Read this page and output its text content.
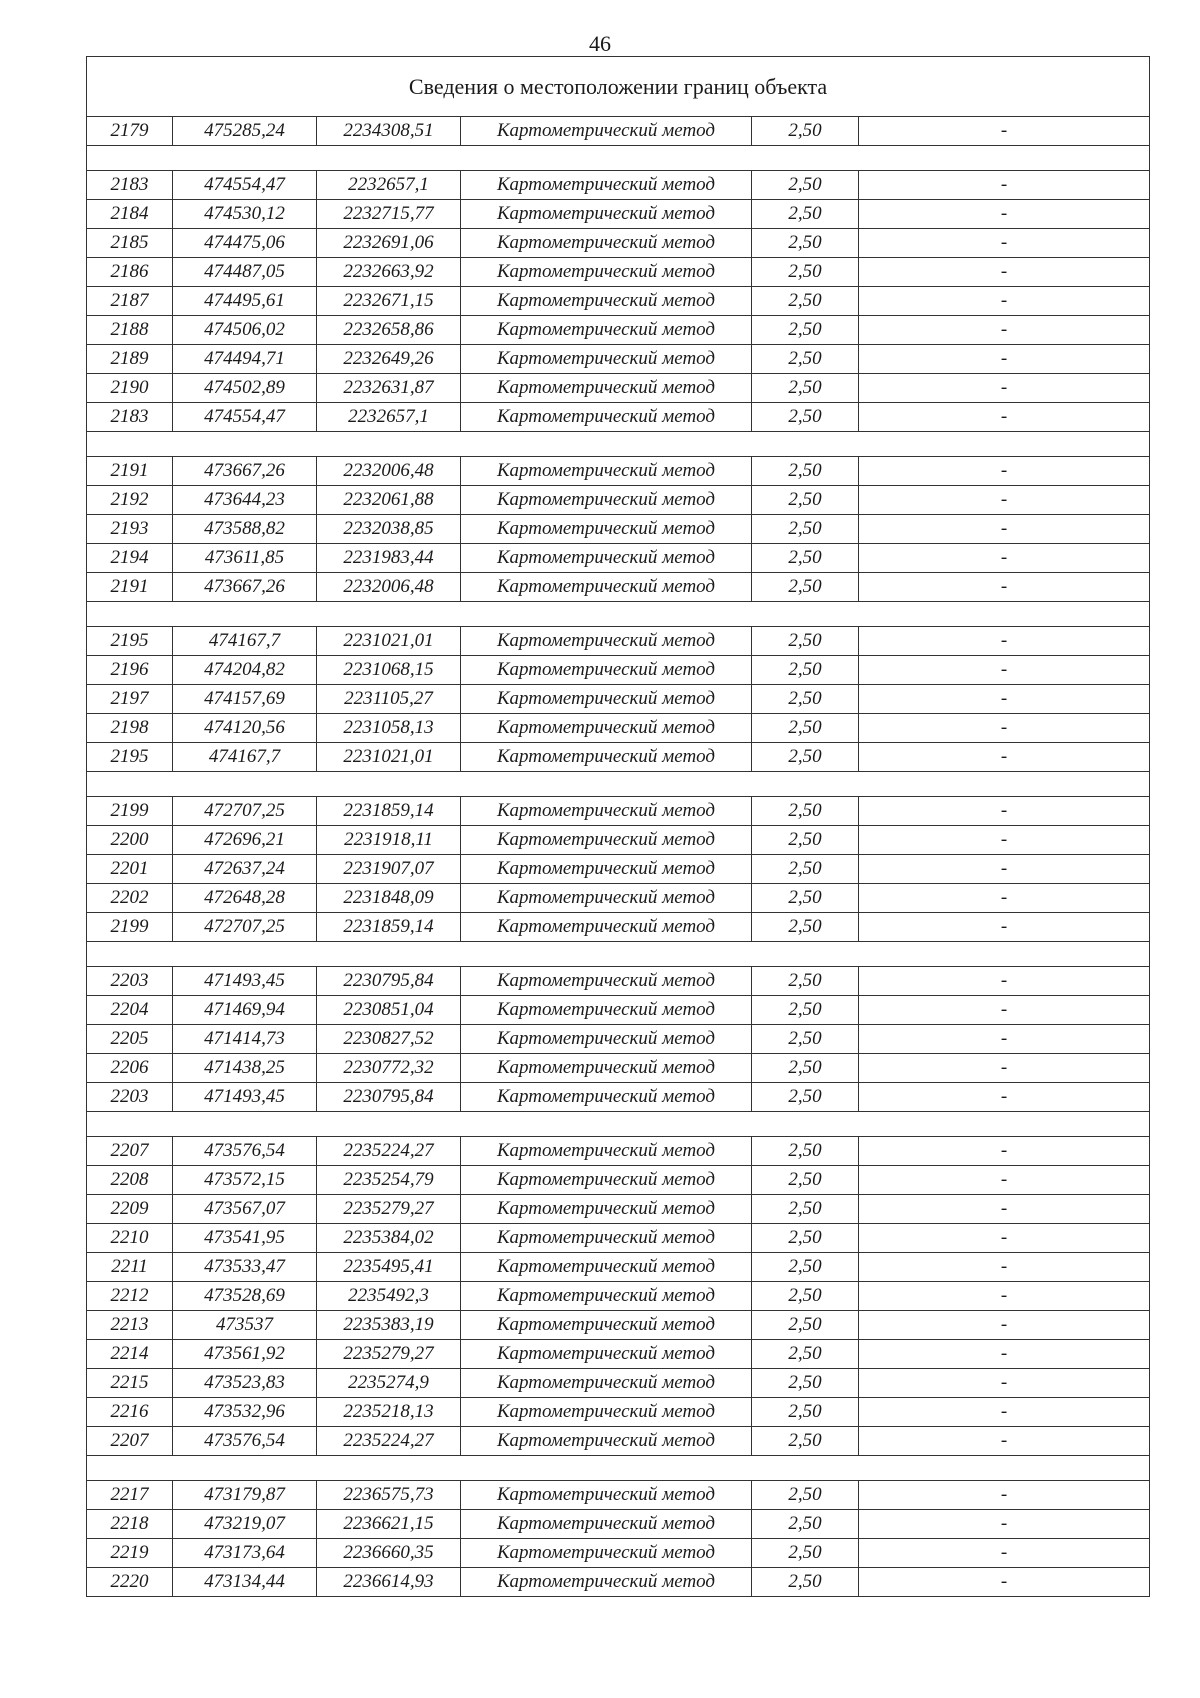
46
Сведения о местоположении границ объекта					
2179	475285,24	2234308,51	Картометрический метод	2,50	-

2183	474554,47	2232657,1	Картометрический метод	2,50	-
2184	474530,12	2232715,77	Картометрический метод	2,50	-
2185	474475,06	2232691,06	Картометрический метод	2,50	-
2186	474487,05	2232663,92	Картометрический метод	2,50	-
2187	474495,61	2232671,15	Картометрический метод	2,50	-
2188	474506,02	2232658,86	Картометрический метод	2,50	-
2189	474494,71	2232649,26	Картометрический метод	2,50	-
2190	474502,89	2232631,87	Картометрический метод	2,50	-
2183	474554,47	2232657,1	Картометрический метод	2,50	-

2191	473667,26	2232006,48	Картометрический метод	2,50	-
2192	473644,23	2232061,88	Картометрический метод	2,50	-
2193	473588,82	2232038,85	Картометрический метод	2,50	-
2194	473611,85	2231983,44	Картометрический метод	2,50	-
2191	473667,26	2232006,48	Картометрический метод	2,50	-

2195	474167,7	2231021,01	Картометрический метод	2,50	-
2196	474204,82	2231068,15	Картометрический метод	2,50	-
2197	474157,69	2231105,27	Картометрический метод	2,50	-
2198	474120,56	2231058,13	Картометрический метод	2,50	-
2195	474167,7	2231021,01	Картометрический метод	2,50	-

2199	472707,25	2231859,14	Картометрический метод	2,50	-
2200	472696,21	2231918,11	Картометрический метод	2,50	-
2201	472637,24	2231907,07	Картометрический метод	2,50	-
2202	472648,28	2231848,09	Картометрический метод	2,50	-
2199	472707,25	2231859,14	Картометрический метод	2,50	-

2203	471493,45	2230795,84	Картометрический метод	2,50	-
2204	471469,94	2230851,04	Картометрический метод	2,50	-
2205	471414,73	2230827,52	Картометрический метод	2,50	-
2206	471438,25	2230772,32	Картометрический метод	2,50	-
2203	471493,45	2230795,84	Картометрический метод	2,50	-

2207	473576,54	2235224,27	Картометрический метод	2,50	-
2208	473572,15	2235254,79	Картометрический метод	2,50	-
2209	473567,07	2235279,27	Картометрический метод	2,50	-
2210	473541,95	2235384,02	Картометрический метод	2,50	-
2211	473533,47	2235495,41	Картометрический метод	2,50	-
2212	473528,69	2235492,3	Картометрический метод	2,50	-
2213	473537	2235383,19	Картометрический метод	2,50	-
2214	473561,92	2235279,27	Картометрический метод	2,50	-
2215	473523,83	2235274,9	Картометрический метод	2,50	-
2216	473532,96	2235218,13	Картометрический метод	2,50	-
2207	473576,54	2235224,27	Картометрический метод	2,50	-

2217	473179,87	2236575,73	Картометрический метод	2,50	-
2218	473219,07	2236621,15	Картометрический метод	2,50	-
2219	473173,64	2236660,35	Картометрический метод	2,50	-
2220	473134,44	2236614,93	Картометрический метод	2,50	-
